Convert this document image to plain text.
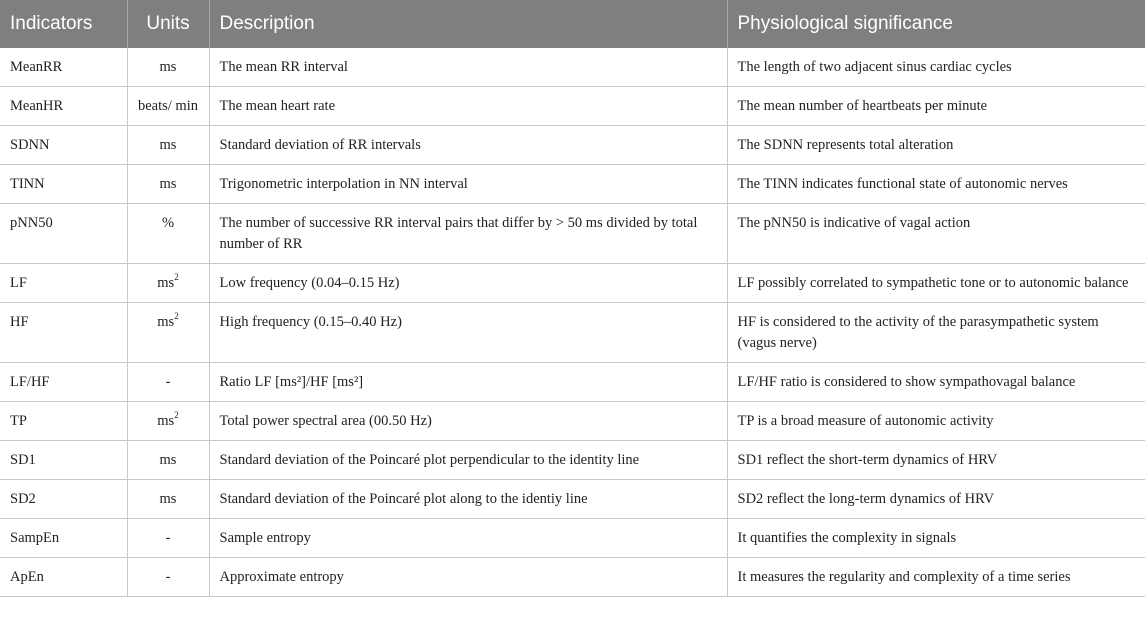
Indicators	Units	Description	Physiological significance
MeanRR	ms	The mean RR interval	The length of two adjacent sinus cardiac cycles
MeanHR	beats/ min	The mean heart rate	The mean number of heartbeats per minute
SDNN	ms	Standard deviation of RR intervals	The SDNN represents total alteration
TINN	ms	Trigonometric interpolation in NN interval	The TINN indicates functional state of autonomic nerves
pNN50	%	The number of successive RR interval pairs that differ by > 50 ms divided by total number of RR	The pNN50 is indicative of vagal action
LF	$ms^2$	Low frequency (0.04–0.15 Hz)	LF possibly correlated to sympathetic tone or to autonomic balance
HF	$ms^2$	High frequency (0.15–0.40 Hz)	HF is considered to the activity of the parasympathetic system (vagus nerve)
LF/HF	-	Ratio LF [ms²]/HF [ms²]	LF/HF ratio is considered to show sympathovagal balance
TP	$ms^2$	Total power spectral area (00.50 Hz)	TP is a broad measure of autonomic activity
SD1	ms	Standard deviation of the Poincaré plot perpendicular to the identity line	SD1 reflect the short-term dynamics of HRV
SD2	ms	Standard deviation of the Poincaré plot along to the identiy line	SD2 reflect the long-term dynamics of HRV
SampEn	-	Sample entropy	It quantifies the complexity in signals
ApEn	-	Approximate entropy	It measures the regularity and complexity of a time series
